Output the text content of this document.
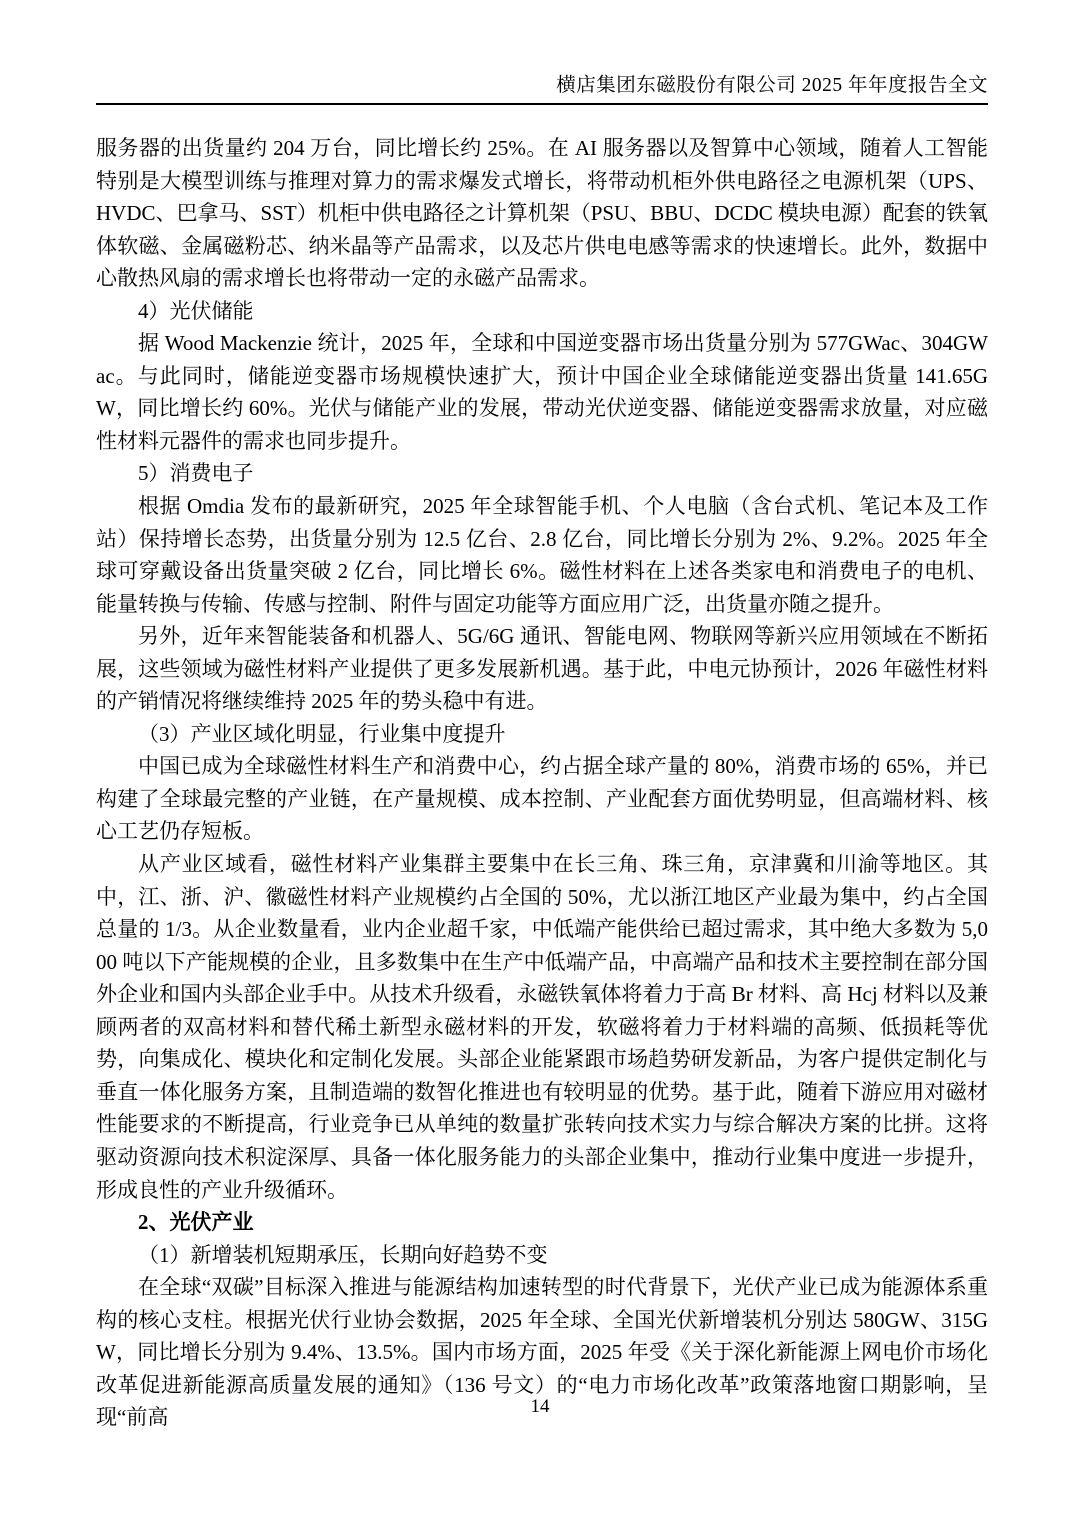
横店集团东磁股份有限公司 2025 年年度报告全文

服务器的出货量约 204 万台，同比增长约 25%。在 AI 服务器以及智算中心领域，随着人工智能特别是大模型训练与推理对算力的需求爆发式增长，将带动机柜外供电路径之电源机架（UPS、HVDC、巴拿马、SST）机柜中供电路径之计算机架（PSU、BBU、DCDC 模块电源）配套的铁氧体软磁、金属磁粉芯、纳米晶等产品需求，以及芯片供电电感等需求的快速增长。此外，数据中心散热风扇的需求增长也将带动一定的永磁产品需求。

4）光伏储能

据 Wood Mackenzie 统计，2025 年，全球和中国逆变器市场出货量分别为 577GWac、304GWac。与此同时，储能逆变器市场规模快速扩大，预计中国企业全球储能逆变器出货量 141.65GW，同比增长约 60%。光伏与储能产业的发展，带动光伏逆变器、储能逆变器需求放量，对应磁性材料元器件的需求也同步提升。

5）消费电子

根据 Omdia 发布的最新研究，2025 年全球智能手机、个人电脑（含台式机、笔记本及工作站）保持增长态势，出货量分别为 12.5 亿台、2.8 亿台，同比增长分别为 2%、9.2%。2025 年全球可穿戴设备出货量突破 2 亿台，同比增长 6%。磁性材料在上述各类家电和消费电子的电机、能量转换与传输、传感与控制、附件与固定功能等方面应用广泛，出货量亦随之提升。

另外，近年来智能装备和机器人、5G/6G 通讯、智能电网、物联网等新兴应用领域在不断拓展，这些领域为磁性材料产业提供了更多发展新机遇。基于此，中电元协预计，2026 年磁性材料的产销情况将继续维持 2025 年的势头稳中有进。

（3）产业区域化明显，行业集中度提升

中国已成为全球磁性材料生产和消费中心，约占据全球产量的 80%，消费市场的 65%，并已构建了全球最完整的产业链，在产量规模、成本控制、产业配套方面优势明显，但高端材料、核心工艺仍存短板。

从产业区域看，磁性材料产业集群主要集中在长三角、珠三角，京津冀和川渝等地区。其中，江、浙、沪、徽磁性材料产业规模约占全国的 50%，尤以浙江地区产业最为集中，约占全国总量的 1/3。从企业数量看，业内企业超千家，中低端产能供给已超过需求，其中绝大多数为 5,000 吨以下产能规模的企业，且多数集中在生产中低端产品，中高端产品和技术主要控制在部分国外企业和国内头部企业手中。从技术升级看，永磁铁氧体将着力于高 Br 材料、高 Hcj 材料以及兼顾两者的双高材料和替代稀土新型永磁材料的开发，软磁将着力于材料端的高频、低损耗等优势，向集成化、模块化和定制化发展。头部企业能紧跟市场趋势研发新品，为客户提供定制化与垂直一体化服务方案，且制造端的数智化推进也有较明显的优势。基于此，随着下游应用对磁材性能要求的不断提高，行业竞争已从单纯的数量扩张转向技术实力与综合解决方案的比拼。这将驱动资源向技术积淀深厚、具备一体化服务能力的头部企业集中，推动行业集中度进一步提升，形成良性的产业升级循环。

2、光伏产业

（1）新增装机短期承压，长期向好趋势不变

在全球“双碳”目标深入推进与能源结构加速转型的时代背景下，光伏产业已成为能源体系重构的核心支柱。根据光伏行业协会数据，2025 年全球、全国光伏新增装机分别达 580GW、315GW，同比增长分别为 9.4%、13.5%。国内市场方面，2025 年受《关于深化新能源上网电价市场化改革促进新能源高质量发展的通知》（136 号文）的“电力市场化改革”政策落地窗口期影响，呈现“前高	14
